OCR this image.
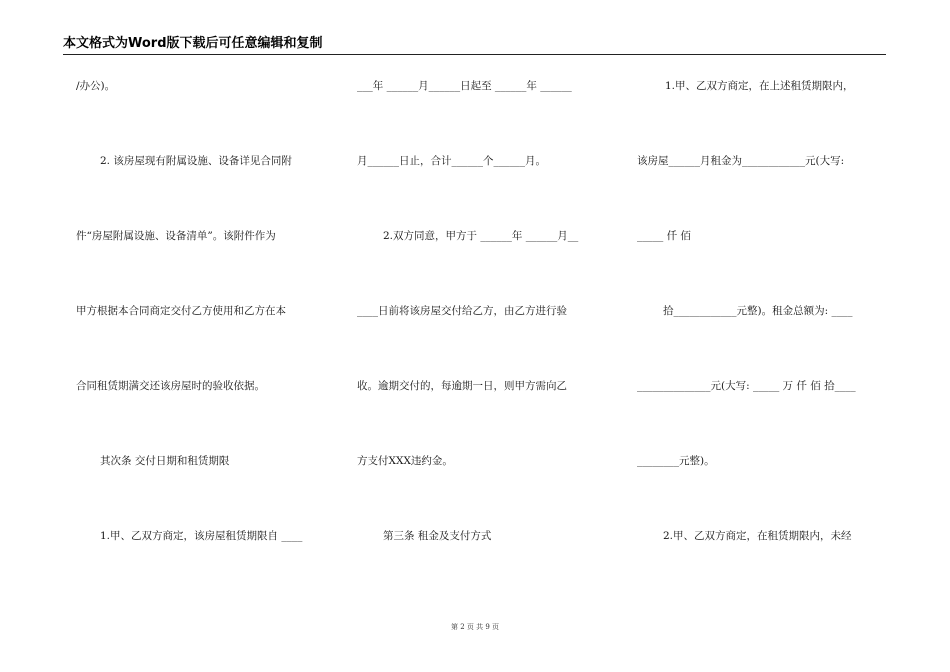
本文格式为Word版下载后可任意编辑和复制
/办公)。
2. 该房屋现有附属设施、设备详见合同附
件“房屋附属设施、设备清单”。该附件作为
甲方根据本合同商定交付乙方使用和乙方在本
合同租赁期满交还该房屋时的验收依据。
其次条 交付日期和租赁期限
1.甲、乙双方商定，该房屋租赁期限自 ____
___年 ______月______日起至 ______年 ______
月______日止，合计______个______月。
2.双方同意，甲方于 ______年 ______月__
____日前将该房屋交付给乙方，由乙方进行验
收。逾期交付的，每逾期一日，则甲方需向乙
方支付XXX违约金。
第三条 租金及支付方式
1.甲、乙双方商定，在上述租赁期限内，
该房屋______月租金为____________元(大写:
_____ 仟 佰
拾____________元整)。租金总额为: ____
______________元(大写: _____ 万 仟 佰 拾____
________元整)。
2.甲、乙双方商定，在租赁期限内，未经
第 2 页 共 9 页
